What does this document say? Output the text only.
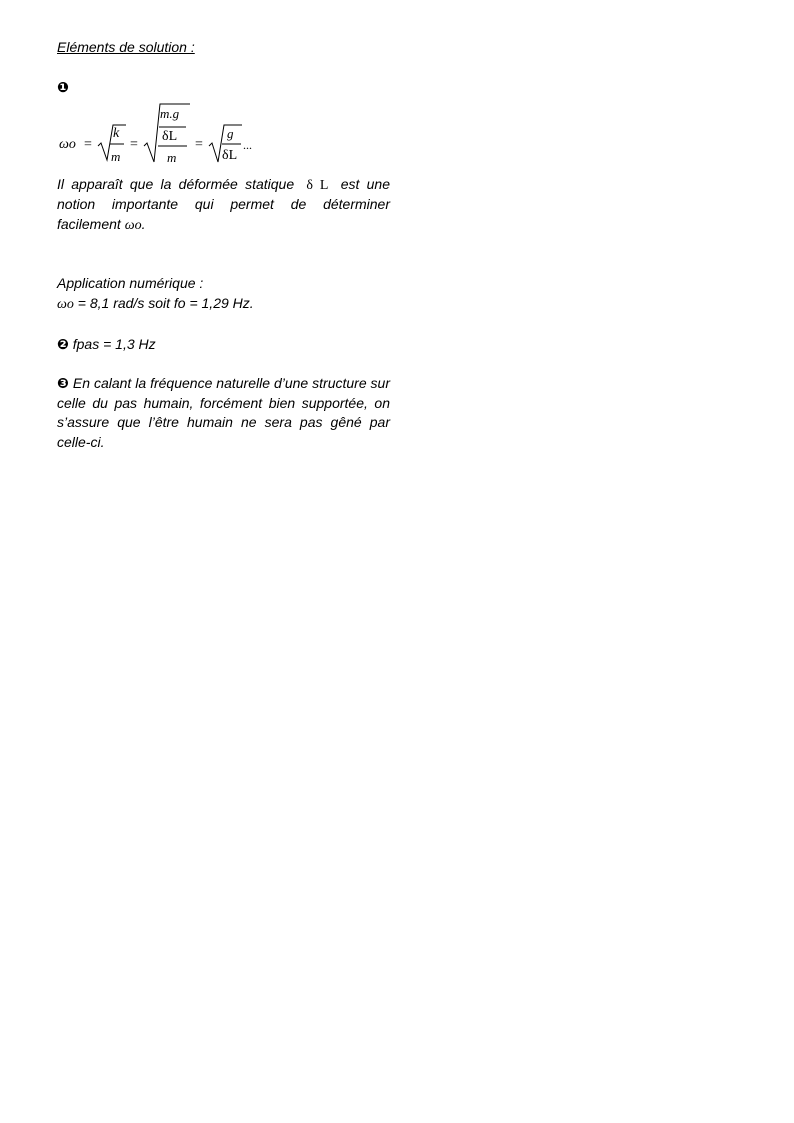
Eléments de solution :

❶
ωo =
k
m
=
m.g
δL
m
=
g
δL
...

Il apparaît que la déformée statique δ L est une notion importante qui permet de déterminer facilement ωo.

Application numérique :

ωo = 8,1 rad/s soit fo = 1,29 Hz.

❷ fpas = 1,3 Hz

❸ En calant la fréquence naturelle d’une structure sur celle du pas humain, forcément bien supportée, on s’assure que l’être humain ne sera pas gêné par celle-ci.
